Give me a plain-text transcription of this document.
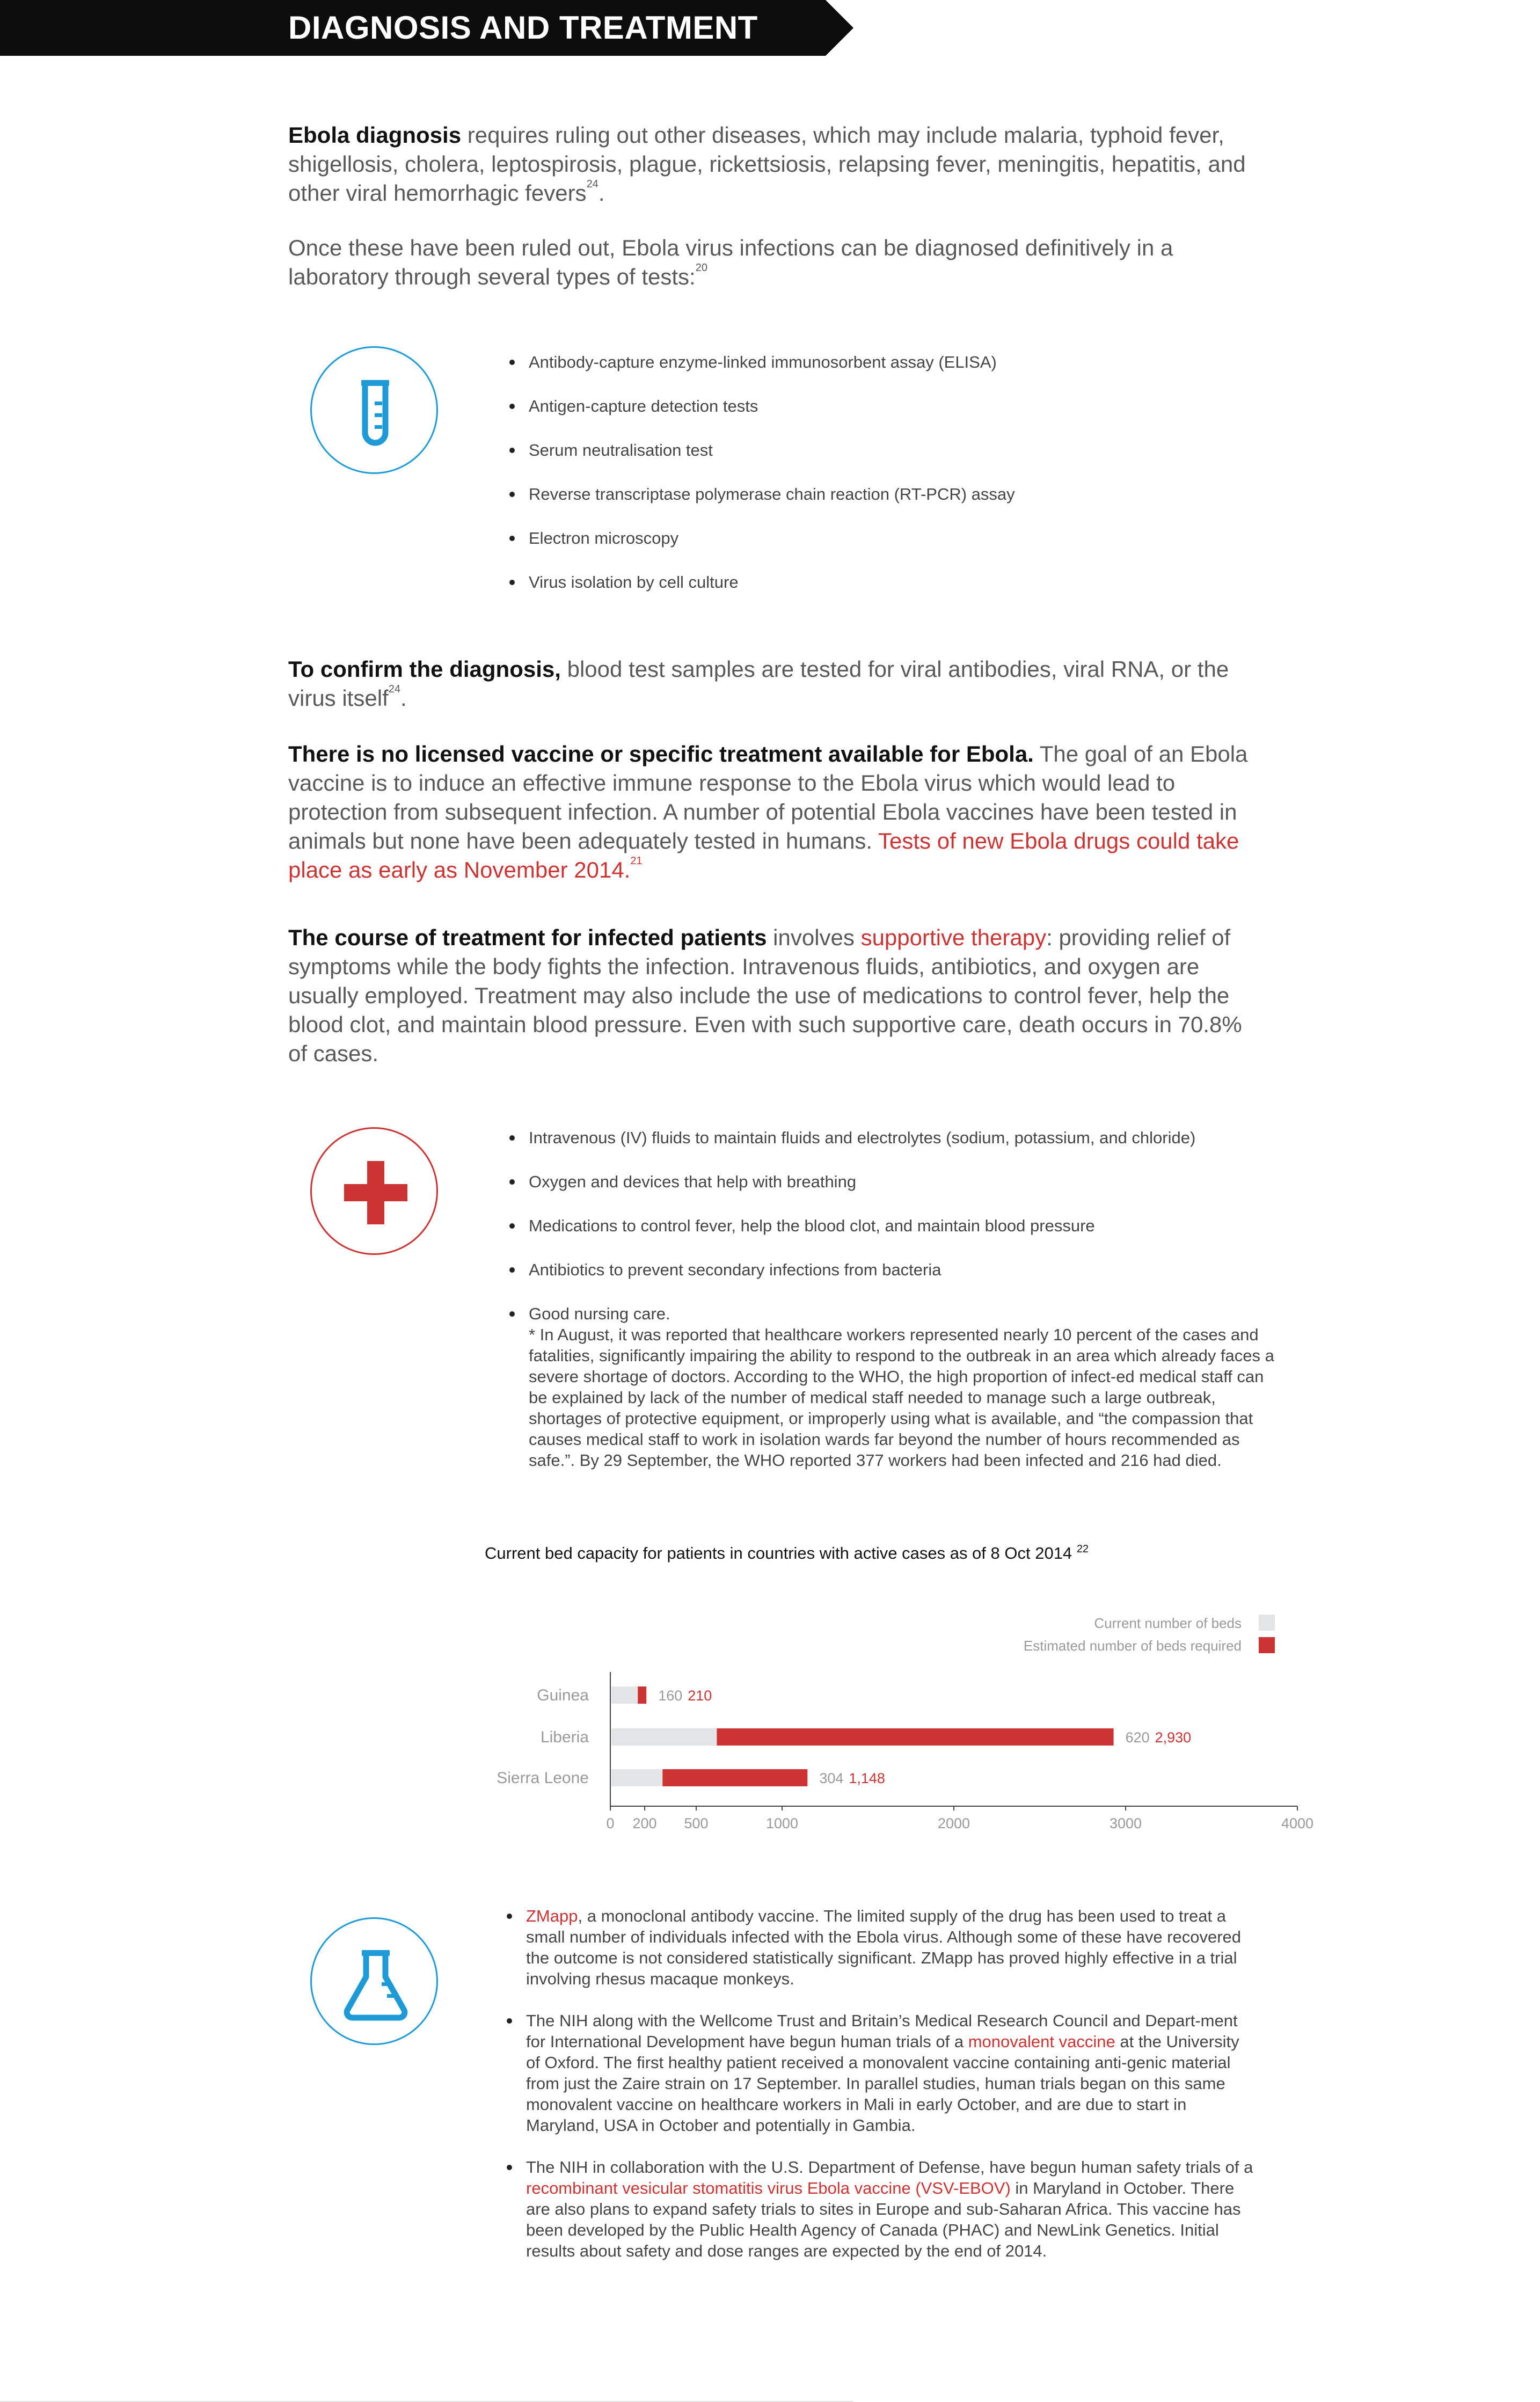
DIAGNOSIS AND TREATMENT

Ebola diagnosis requires ruling out other diseases, which may include malaria, typhoid fever, shigellosis, cholera, leptospirosis, plague, rickettsiosis, relapsing fever, meningitis, hepatitis, and other viral hemorrhagic fevers$^{24}$.

Once these have been ruled out, Ebola virus infections can be diagnosed definitively in a laboratory through several types of tests:$^{20}$

Antibody-capture enzyme-linked immunosorbent assay (ELISA)
Antigen-capture detection tests
Serum neutralisation test
Reverse transcriptase polymerase chain reaction (RT-PCR) assay
Electron microscopy
Virus isolation by cell culture

To confirm the diagnosis, blood test samples are tested for viral antibodies, viral RNA, or the virus itself$^{24}$.

There is no licensed vaccine or specific treatment available for Ebola. The goal of an Ebola vaccine is to induce an effective immune response to the Ebola virus which would lead to protection from subsequent infection. A number of potential Ebola vaccines have been tested in animals but none have been adequately tested in humans. Tests of new Ebola drugs could take place as early as November 2014.21

The course of treatment for infected patients involves supportive therapy: providing relief of symptoms while the body fights the infection. Intravenous fluids, antibiotics, and oxygen are usually employed. Treatment may also include the use of medications to control fever, help the blood clot, and maintain blood pressure. Even with such supportive care, death occurs in 70.8% of cases.

Intravenous (IV) fluids to maintain fluids and electrolytes (sodium, potassium, and chloride)
Oxygen and devices that help with breathing
Medications to control fever, help the blood clot, and maintain blood pressure
Antibiotics to prevent secondary infections from bacteria
Good nursing care.
* In August, it was reported that healthcare workers represented nearly 10 percent of the cases and fatalities, significantly impairing the ability to respond to the outbreak in an area which already faces a severe shortage of doctors. According to the WHO, the high proportion of infect-ed medical staff can be explained by lack of the number of medical staff needed to manage such a large outbreak, shortages of protective equipment, or improperly using what is available, and “the compassion that causes medical staff to work in isolation wards far beyond the number of hours recommended as safe.”. By 29 September, the WHO reported 377 workers had been infected and 216 had died.
Current bed capacity for patients in countries with active cases as of 8 Oct 2014 $^{22}$
0 200 500	1000	2000	3000	4000
Current number of beds
Estimated number of beds required
Guinea	160 210
Liberia	620 2,930
Sierra Leone	304 1,148
ZMapp, a monoclonal antibody vaccine. The limited supply of the drug has been used to treat a small number of individuals infected with the Ebola virus. Although some of these have recovered the outcome is not considered statistically significant. ZMapp has proved highly effective in a trial involving rhesus macaque monkeys.
The NIH along with the Wellcome Trust and Britain’s Medical Research Council and Depart-ment for International Development have begun human trials of a monovalent vaccine at the University of Oxford. The first healthy patient received a monovalent vaccine containing anti-genic material from just the Zaire strain on 17 September. In parallel studies, human trials began on this same monovalent vaccine on healthcare workers in Mali in early October, and are due to start in Maryland, USA in October and potentially in Gambia.
The NIH in collaboration with the U.S. Department of Defense, have begun human safety trials of a recombinant vesicular stomatitis virus Ebola vaccine (VSV-EBOV) in Maryland in October. There are also plans to expand safety trials to sites in Europe and sub-Saharan Africa. This vaccine has been developed by the Public Health Agency of Canada (PHAC) and NewLink Genetics. Initial results about safety and dose ranges are expected by the end of 2014.
